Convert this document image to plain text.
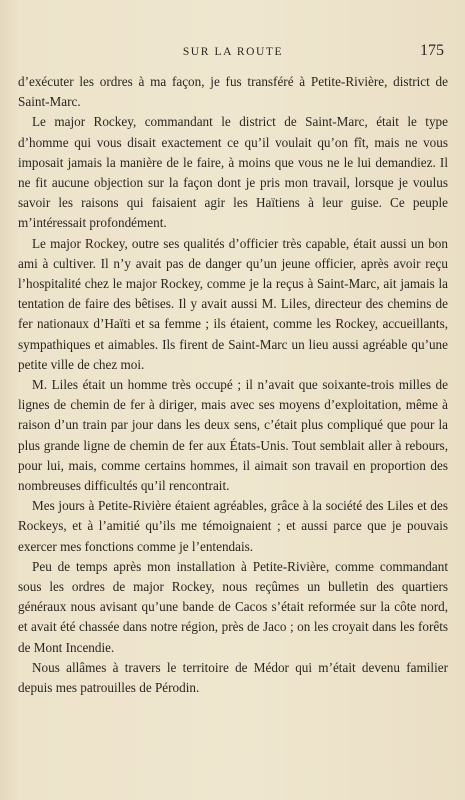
SUR LA ROUTE	175

d’exécuter les ordres à ma façon, je fus transféré à Petite-Rivière, district de Saint-Marc.

Le major Rockey, commandant le district de Saint-Marc, était le type d’homme qui vous disait exactement ce qu’il voulait qu’on fît, mais ne vous imposait jamais la manière de le faire, à moins que vous ne le lui demandiez. Il ne fit aucune objection sur la façon dont je pris mon travail, lorsque je voulus savoir les raisons qui faisaient agir les Haïtiens à leur guise. Ce peuple m’intéressait profondément.

Le major Rockey, outre ses qualités d’officier très capable, était aussi un bon ami à cultiver. Il n’y avait pas de danger qu’un jeune officier, après avoir reçu l’hospitalité chez le major Rockey, comme je la reçus à Saint-Marc, ait jamais la tentation de faire des bêtises. Il y avait aussi M. Liles, directeur des chemins de fer nationaux d’Haïti et sa femme ; ils étaient, comme les Rockey, accueillants, sympathiques et aimables. Ils firent de Saint-Marc un lieu aussi agréable qu’une petite ville de chez moi.

M. Liles était un homme très occupé ; il n’avait que soixante-trois milles de lignes de chemin de fer à diriger, mais avec ses moyens d’exploitation, même à raison d’un train par jour dans les deux sens, c’était plus compliqué que pour la plus grande ligne de chemin de fer aux États-Unis. Tout semblait aller à rebours, pour lui, mais, comme certains hommes, il aimait son travail en proportion des nombreuses difficultés qu’il rencontrait.

Mes jours à Petite-Rivière étaient agréables, grâce à la société des Liles et des Rockeys, et à l’amitié qu’ils me témoignaient ; et aussi parce que je pouvais exercer mes fonctions comme je l’entendais.

Peu de temps après mon installation à Petite-Rivière, comme commandant sous les ordres de major Rockey, nous reçûmes un bulletin des quartiers généraux nous avisant qu’une bande de Cacos s’était reformée sur la côte nord, et avait été chassée dans notre région, près de Jaco ; on les croyait dans les forêts de Mont Incendie.

Nous allâmes à travers le territoire de Médor qui m’était devenu familier depuis mes patrouilles de Pérodin.
